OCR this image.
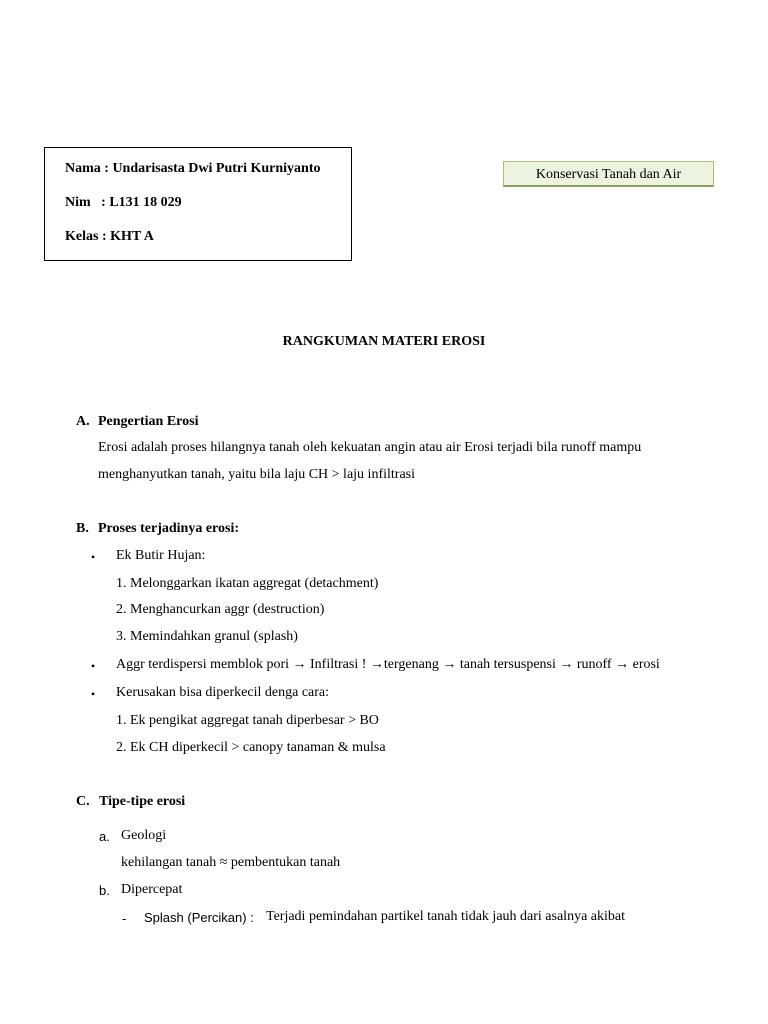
Nama : Undarisasta Dwi Putri Kurniyanto
Nim   : L131 18 029
Kelas : KHT A
Konservasi Tanah dan Air
RANGKUMAN MATERI EROSI
A. Pengertian Erosi
Erosi adalah proses hilangnya tanah oleh kekuatan angin atau air Erosi terjadi bila runoff mampu
menghanyutkan tanah, yaitu bila laju CH > laju infiltrasi
B. Proses terjadinya erosi:
• Ek Butir Hujan:
1. Melonggarkan ikatan aggregat (detachment)
2. Menghancurkan aggr (destruction)
3. Memindahkan granul (splash)
• Aggr terdispersi memblok pori → Infiltrasi ! →tergenang → tanah tersuspensi → runoff → erosi
• Kerusakan bisa diperkecil denga cara:
1. Ek pengikat aggregat tanah diperbesar > BO
2. Ek CH diperkecil > canopy tanaman & mulsa
C. Tipe-tipe erosi
a. Geologi
kehilangan tanah ≈ pembentukan tanah
b. Dipercepat
- Splash (Percikan) : Terjadi pemindahan partikel tanah tidak jauh dari asalnya akibat
